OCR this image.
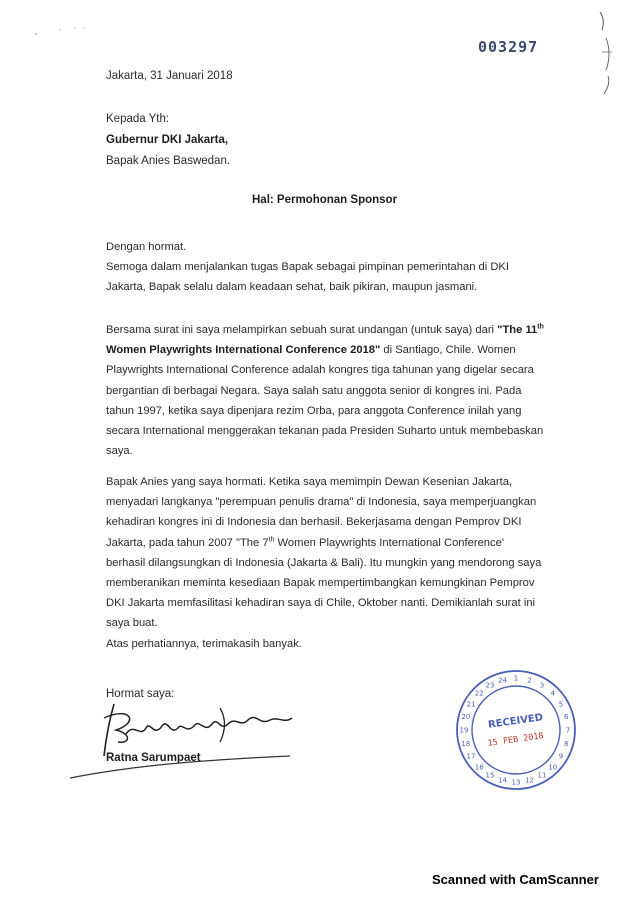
003297
Jakarta, 31 Januari 2018
Kepada Yth:
Gubernur DKI Jakarta,
Bapak Anies Baswedan.
Hal: Permohonan Sponsor
Dengan hormat.
Semoga dalam menjalankan tugas Bapak sebagai pimpinan pemerintahan di DKI Jakarta, Bapak selalu dalam keadaan sehat, baik pikiran, maupun jasmani.
Bersama surat ini saya melampirkan sebuah surat undangan (untuk saya) dari "The 11th Women Playwrights International Conference 2018" di Santiago, Chile. Women Playwrights International Conference adalah kongres tiga tahunan yang digelar secara bergantian di berbagai Negara. Saya salah satu anggota senior di kongres ini. Pada tahun 1997, ketika saya dipenjara rezim Orba, para anggota Conference inilah yang secara International menggerakan tekanan pada Presiden Suharto untuk membebaskan saya.
Bapak Anies yang saya hormati. Ketika saya memimpin Dewan Kesenian Jakarta, menyadari langkanya "perempuan penulis drama" di Indonesia, saya memperjuangkan kehadiran kongres ini di Indonesia dan berhasil. Bekerjasama dengan Pemprov DKI Jakarta, pada tahun 2007 "The 7th Women Playwrights International Conference' berhasil dilangsungkan di Indonesia (Jakarta & Bali). Itu mungkin yang mendorong saya memberanikan meminta kesediaan Bapak mempertimbangkan kemungkinan Pemprov DKI Jakarta memfasilitasi kehadiran saya di Chile, Oktober nanti. Demikianlah surat ini saya buat.
Atas perhatiannya, terimakasih banyak.
Hormat saya:
Ratna Sarumpaet
1 2
3
4
5
6
7
8
9
10
11
12
13
14
15
16
17
18
19
20
21
22
23
24
RECEIVED
15 FEB 2018
Scanned with CamScanner
